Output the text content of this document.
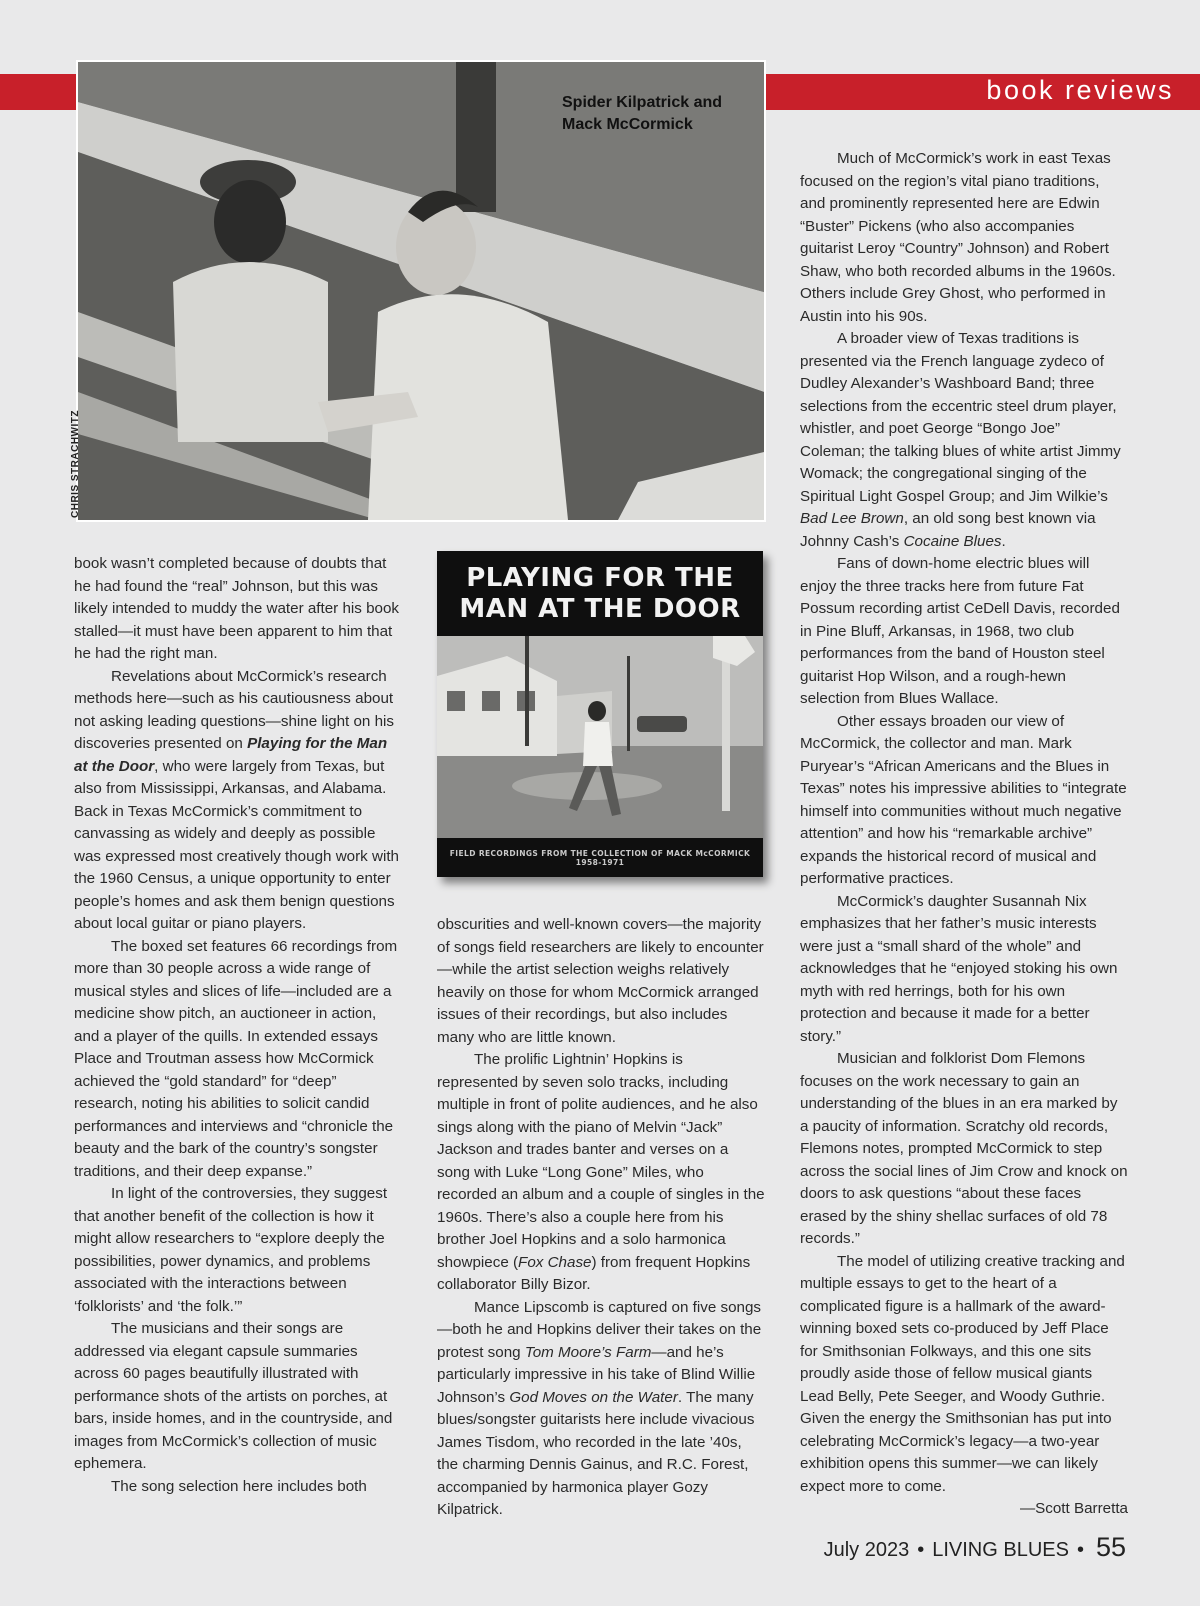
book reviews
Spider Kilpatrick and
Mack McCormick
CHRIS STRACHWITZ
PLAYING FOR THE
MAN AT THE DOOR
FIELD RECORDINGS FROM THE COLLECTION OF MACK McCORMICK 1958-1971

book wasn’t completed because of doubts that he had found the “real” Johnson, but this was likely intended to muddy the water after his book stalled—it must have been apparent to him that he had the right man.

Revelations about McCormick’s research methods here—such as his cautiousness about not asking leading questions—shine light on his discoveries presented on Playing for the Man at the Door, who were largely from Texas, but also from Mississippi, Arkansas, and Alabama. Back in Texas McCormick’s commitment to canvassing as widely and deeply as possible was expressed most creatively though work with the 1960 Census, a unique opportunity to enter people’s homes and ask them benign questions about local guitar or piano players.

The boxed set features 66 recordings from more than 30 people across a wide range of musical styles and slices of life—included are a medicine show pitch, an auctioneer in action, and a player of the quills. In extended essays Place and Troutman assess how McCormick achieved the “gold standard” for “deep” research, noting his abilities to solicit candid performances and interviews and “chronicle the beauty and the bark of the country’s songster traditions, and their deep expanse.”

In light of the controversies, they suggest that another benefit of the collection is how it might allow researchers to “explore deeply the possibilities, power dynamics, and problems associated with the interactions between ‘folklorists’ and ‘the folk.’”

The musicians and their songs are addressed via elegant capsule summaries across 60 pages beautifully illustrated with performance shots of the artists on porches, at bars, inside homes, and in the countryside, and images from McCormick’s collection of music ephemera.

The song selection here includes both

obscurities and well-known covers—the majority of songs field researchers are likely to encounter—while the artist selection weighs relatively heavily on those for whom McCormick arranged issues of their recordings, but also includes many who are little known.

The prolific Lightnin’ Hopkins is represented by seven solo tracks, including multiple in front of polite audiences, and he also sings along with the piano of Melvin “Jack” Jackson and trades banter and verses on a song with Luke “Long Gone” Miles, who recorded an album and a couple of singles in the 1960s. There’s also a couple here from his brother Joel Hopkins and a solo harmonica showpiece (Fox Chase) from frequent Hopkins collaborator Billy Bizor.

Mance Lipscomb is captured on five songs—both he and Hopkins deliver their takes on the protest song Tom Moore’s Farm—and he’s particularly impressive in his take of Blind Willie Johnson’s God Moves on the Water. The many blues/songster guitarists here include vivacious James Tisdom, who recorded in the late ’40s, the charming Dennis Gainus, and R.C. Forest, accompanied by harmonica player Gozy Kilpatrick.

Much of McCormick’s work in east Texas focused on the region’s vital piano traditions, and prominently represented here are Edwin “Buster” Pickens (who also accompanies guitarist Leroy “Country” Johnson) and Robert Shaw, who both recorded albums in the 1960s. Others include Grey Ghost, who performed in Austin into his 90s.

A broader view of Texas traditions is presented via the French language zydeco of Dudley Alexander’s Washboard Band; three selections from the eccentric steel drum player, whistler, and poet George “Bongo Joe” Coleman; the talking blues of white artist Jimmy Womack; the congregational singing of the Spiritual Light Gospel Group; and Jim Wilkie’s Bad Lee Brown, an old song best known via Johnny Cash’s Cocaine Blues.

Fans of down-home electric blues will enjoy the three tracks here from future Fat Possum recording artist CeDell Davis, recorded in Pine Bluff, Arkansas, in 1968, two club performances from the band of Houston steel guitarist Hop Wilson, and a rough-hewn selection from Blues Wallace.

Other essays broaden our view of McCormick, the collector and man. Mark Puryear’s “African Americans and the Blues in Texas” notes his impressive abilities to “integrate himself into communities without much negative attention” and how his “remarkable archive” expands the historical record of musical and performative practices.

McCormick’s daughter Susannah Nix emphasizes that her father’s music interests were just a “small shard of the whole” and acknowledges that he “enjoyed stoking his own myth with red herrings, both for his own protection and because it made for a better story.”

Musician and folklorist Dom Flemons focuses on the work necessary to gain an understanding of the blues in an era marked by a paucity of information. Scratchy old records, Flemons notes, prompted McCormick to step across the social lines of Jim Crow and knock on doors to ask questions “about these faces erased by the shiny shellac surfaces of old 78 records.”

The model of utilizing creative tracking and multiple essays to get to the heart of a complicated figure is a hallmark of the award-winning boxed sets co-produced by Jeff Place for Smithsonian Folkways, and this one sits proudly aside those of fellow musical giants Lead Belly, Pete Seeger, and Woody Guthrie. Given the energy the Smithsonian has put into celebrating McCormick’s legacy—a two-year exhibition opens this summer—we can likely expect more to come.

—Scott Barretta

July 2023 • LIVING BLUES • 55
